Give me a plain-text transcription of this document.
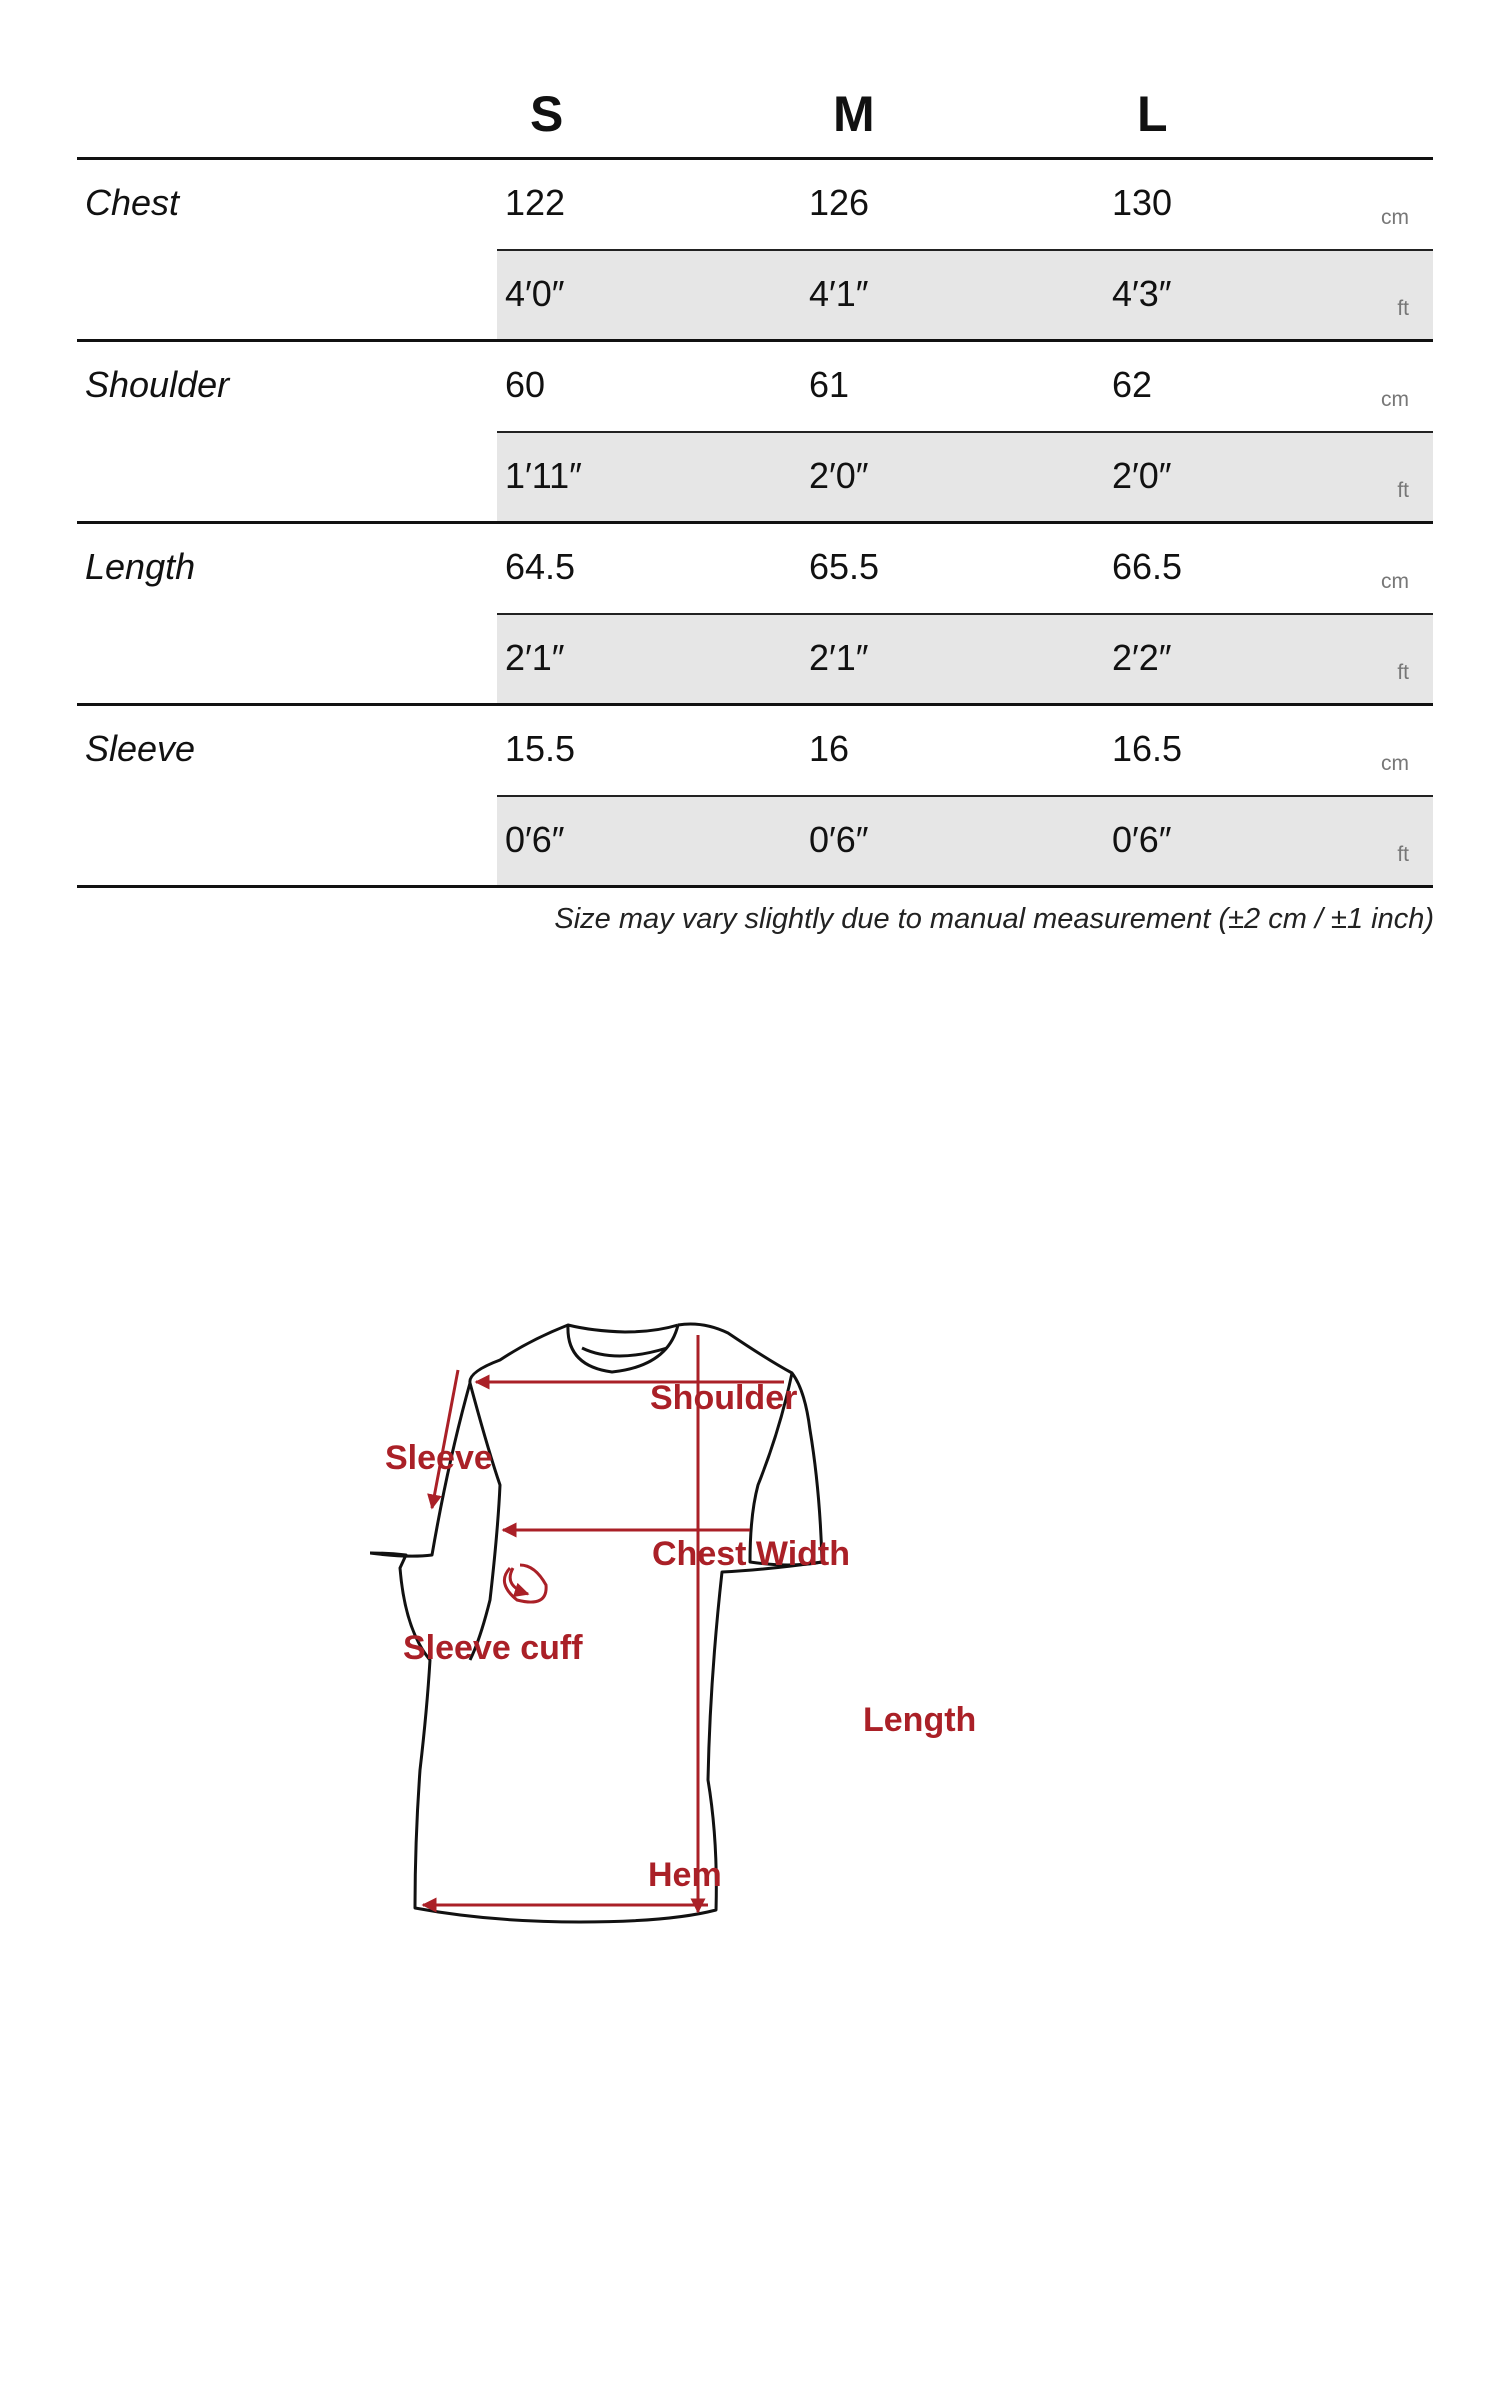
S	M	L
Chest	122	126	130	cm
4′0″	4′1″	4′3″	ft
Shoulder	60	61	62	cm
1′11″	2′0″	2′0″	ft
Length	64.5	65.5	66.5	cm
2′1″	2′1″	2′2″	ft
Sleeve	15.5	16	16.5	cm
0′6″	0′6″	0′6″	ft
Size may vary slightly due to manual measurement (±2 cm / ±1 inch)
Shoulder
Sleeve
Chest Width
Sleeve cuff
Length
Hem
